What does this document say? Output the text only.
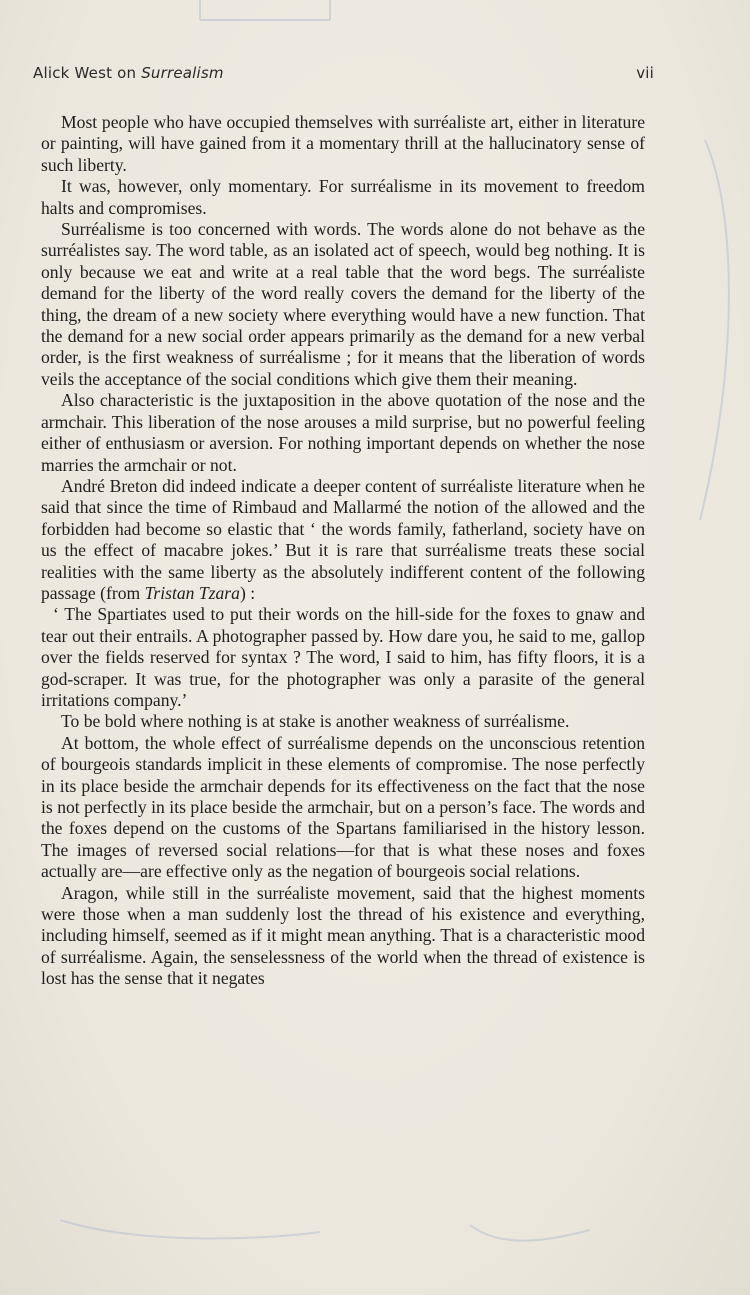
Alick West on Surrealism	vii

Most people who have occupied themselves with surréaliste art, either in literature or painting, will have gained from it a momentary thrill at the hallucinatory sense of such liberty.

It was, however, only momentary. For surréalisme in its movement to freedom halts and compromises.

Surréalisme is too concerned with words. The words alone do not behave as the surréalistes say. The word table, as an isolated act of speech, would beg nothing. It is only because we eat and write at a real table that the word begs. The surréaliste demand for the liberty of the word really covers the demand for the liberty of the thing, the dream of a new society where everything would have a new function. That the demand for a new social order appears primarily as the demand for a new verbal order, is the first weakness of surréalisme ; for it means that the liberation of words veils the acceptance of the social conditions which give them their meaning.

Also characteristic is the juxtaposition in the above quotation of the nose and the armchair. This liberation of the nose arouses a mild surprise, but no powerful feeling either of enthusiasm or aversion. For nothing important depends on whether the nose marries the armchair or not.

André Breton did indeed indicate a deeper content of surréaliste literature when he said that since the time of Rimbaud and Mallarmé the notion of the allowed and the forbidden had become so elastic that ‘ the words family, fatherland, society have on us the effect of macabre jokes.’ But it is rare that surréalisme treats these social realities with the same liberty as the absolutely indifferent content of the following passage (from Tristan Tzara) :

‘ The Spartiates used to put their words on the hill-side for the foxes to gnaw and tear out their entrails. A photographer passed by. How dare you, he said to me, gallop over the fields reserved for syntax ? The word, I said to him, has fifty floors, it is a god-scraper. It was true, for the photographer was only a parasite of the general irritations company.’

To be bold where nothing is at stake is another weakness of surréalisme.

At bottom, the whole effect of surréalisme depends on the unconscious retention of bourgeois standards implicit in these elements of compromise. The nose perfectly in its place beside the armchair depends for its effectiveness on the fact that the nose is not perfectly in its place beside the armchair, but on a person’s face. The words and the foxes depend on the customs of the Spartans familiarised in the history lesson. The images of reversed social relations—for that is what these noses and foxes actually are—are effective only as the negation of bourgeois social relations.

Aragon, while still in the surréaliste movement, said that the highest moments were those when a man suddenly lost the thread of his existence and everything, including himself, seemed as if it might mean anything. That is a characteristic mood of surréalisme. Again, the senselessness of the world when the thread of existence is lost has the sense that it negates
